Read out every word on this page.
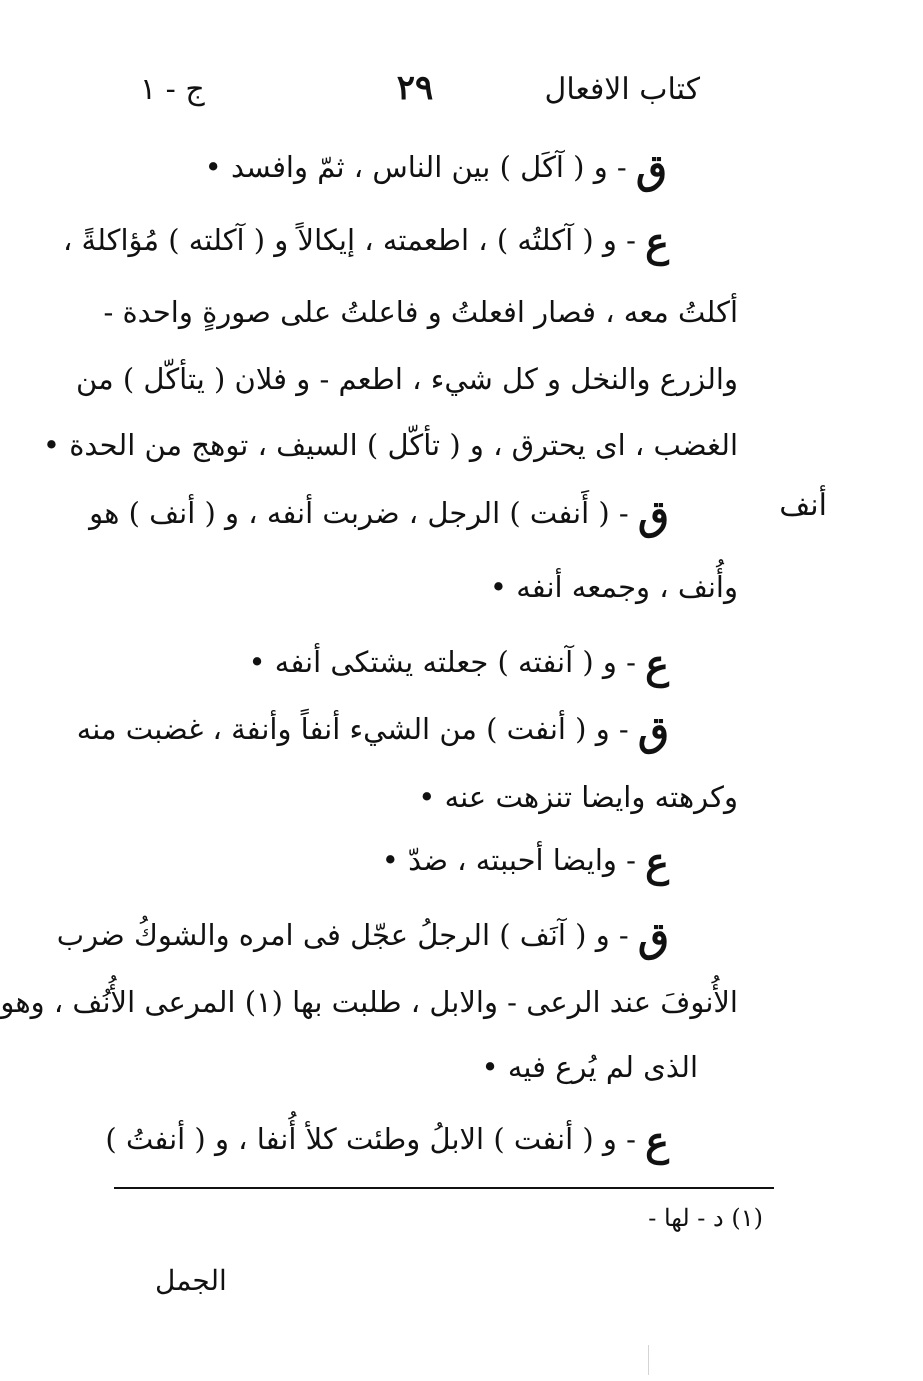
كتاب الافعال
٢٩
ج - ١
أنف
ق - و ( آكَل ) بين الناس ، ثمّ وافسد •
ع - و ( آكلتُه ) ، اطعمته ، إيكالاً و ( آكلته ) مُؤاكلةً ،
أكلتُ معه ، فصار افعلتُ و فاعلتُ على صورةٍ واحدة -
والزرع والنخل و كل شيء ، اطعم - و فلان ( يتأكّل ) من
الغضب ، اى يحترق ، و ( تأكّل ) السيف ، توهج من الحدة •
ق - ( أَنفت ) الرجل ، ضربت أنفه ، و ( أنف ) هو
وأُنف ، وجمعه أنفه •
ع - و ( آنفته ) جعلته يشتكى أنفه •
ق - و ( أنفت ) من الشيء أنفاً وأنفة ، غضبت منه
وكرهته وايضا تنزهت عنه •
ع - وايضا أحببته ، ضدّ •
ق - و ( آنَف ) الرجلُ عجّل فى امره والشوكُ ضرب
الأُنوفَ عند الرعى - والابل ، طلبت بها (١) المرعى الأُنُف ، وهو
الذى لم يُرع فيه •
ع - و ( أنفت ) الابلُ وطئت كلأ أُنفا ، و ( أنفتُ )
(١) د - لها -
الجمل
